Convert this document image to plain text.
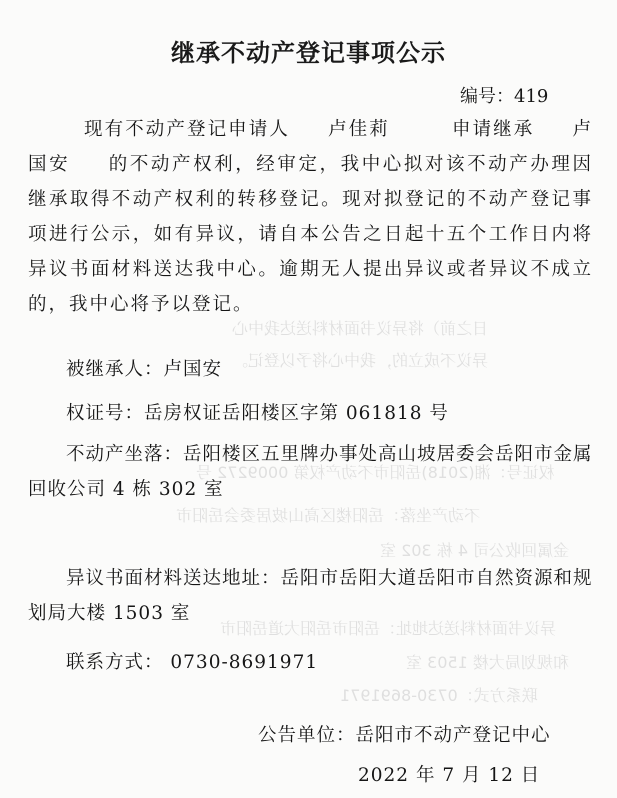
日之前）将异议书面材料送达我中心
异议不成立的，我中心将予以登记。
权证号：湘(2018)岳阳市不动产权第 0009272 号
不动产坐落：岳阳楼区高山坡居委会岳阳市
金属回收公司 4 栋 302 室
异议书面材料送达地址：岳阳市岳阳大道岳阳市
和规划局大楼 1503 室
联系方式：0730-8691971
继承不动产登记事项公示
编号：419

现有不动产登记申请人 卢佳莉	申请继承 卢国安 的不动产权利，经审定，我中心拟对该不动产办理因继承取得不动产权利的转移登记。现对拟登记的不动产登记事项进行公示，如有异议，请自本公告之日起十五个工作日内将异议书面材料送达我中心。逾期无人提出异议或者异议不成立的，我中心将予以登记。

被继承人：卢国安
权证号：岳房权证岳阳楼区字第 061818 号
不动产坐落：岳阳楼区五里牌办事处高山坡居委会岳阳市金属回收公司 4 栋 302 室
异议书面材料送达地址：岳阳市岳阳大道岳阳市自然资源和规划局大楼 1503 室
联系方式： 0730-8691971
公告单位：岳阳市不动产登记中心
2022 年 7 月 12 日
